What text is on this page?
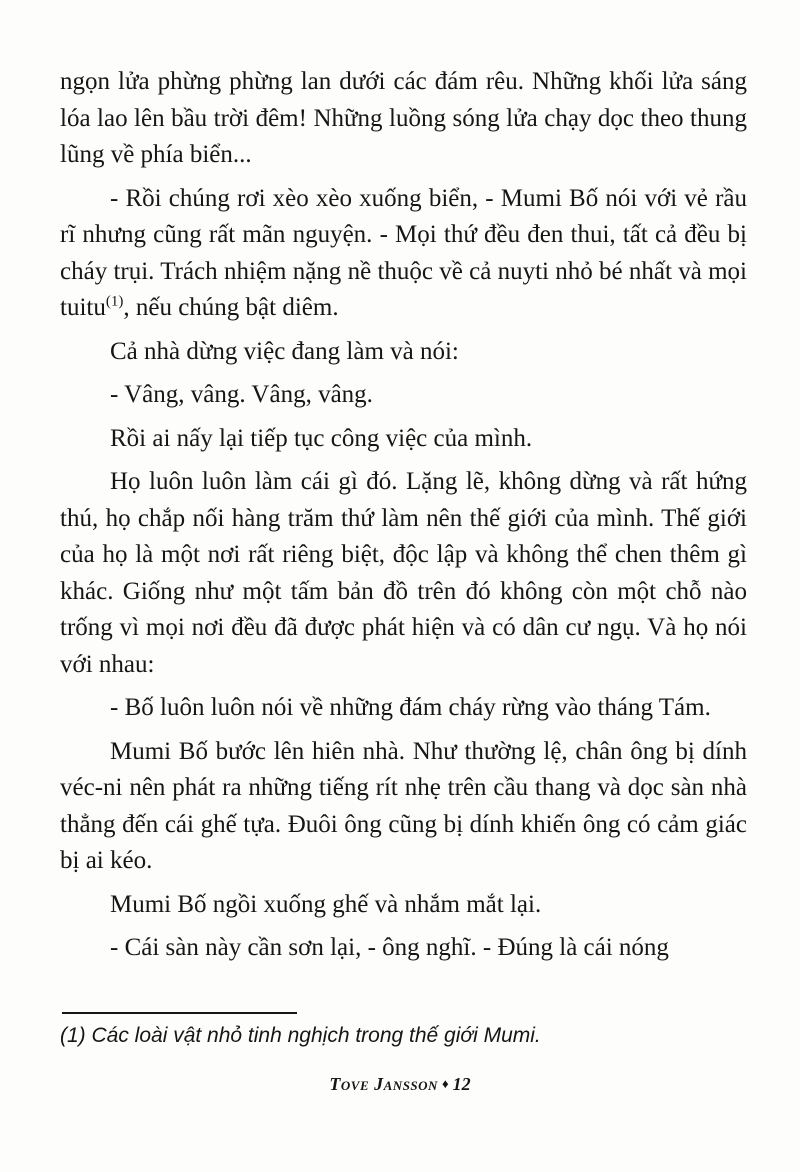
ngọn lửa phừng phừng lan dưới các đám rêu. Những khối lửa sáng lóa lao lên bầu trời đêm! Những luồng sóng lửa chạy dọc theo thung lũng về phía biển...

- Rồi chúng rơi xèo xèo xuống biển, - Mumi Bố nói với vẻ rầu rĩ nhưng cũng rất mãn nguyện. - Mọi thứ đều đen thui, tất cả đều bị cháy trụi. Trách nhiệm nặng nề thuộc về cả nuyti nhỏ bé nhất và mọi tuitu$^{(1)}$, nếu chúng bật diêm.

Cả nhà dừng việc đang làm và nói:

- Vâng, vâng. Vâng, vâng.

Rồi ai nấy lại tiếp tục công việc của mình.

Họ luôn luôn làm cái gì đó. Lặng lẽ, không dừng và rất hứng thú, họ chắp nối hàng trăm thứ làm nên thế giới của mình. Thế giới của họ là một nơi rất riêng biệt, độc lập và không thể chen thêm gì khác. Giống như một tấm bản đồ trên đó không còn một chỗ nào trống vì mọi nơi đều đã được phát hiện và có dân cư ngụ. Và họ nói với nhau:

- Bố luôn luôn nói về những đám cháy rừng vào tháng Tám.

Mumi Bố bước lên hiên nhà. Như thường lệ, chân ông bị dính véc-ni nên phát ra những tiếng rít nhẹ trên cầu thang và dọc sàn nhà thẳng đến cái ghế tựa. Đuôi ông cũng bị dính khiến ông có cảm giác bị ai kéo.

Mumi Bố ngồi xuống ghế và nhắm mắt lại.

- Cái sàn này cần sơn lại, - ông nghĩ. - Đúng là cái nóng

(1) Các loài vật nhỏ tinh nghịch trong thế giới Mumi.
Tove Jansson ♦ 12
